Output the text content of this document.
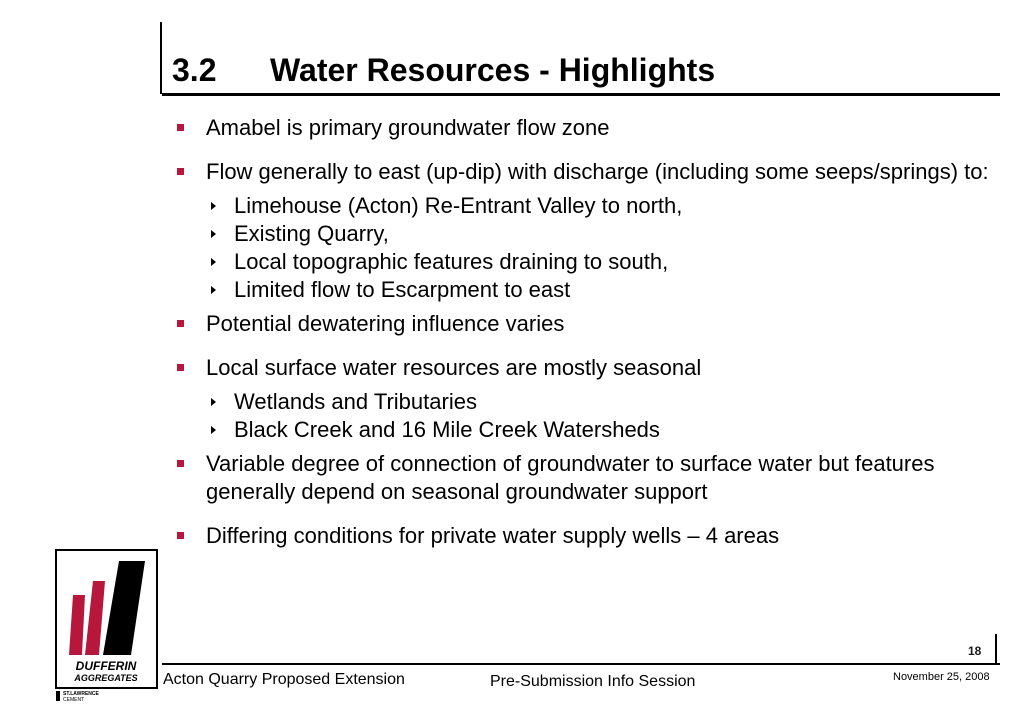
3.2 Water Resources - Highlights
Amabel is primary groundwater flow zone
Flow generally to east (up-dip) with discharge (including some seeps/springs) to:
Limehouse (Acton) Re-Entrant Valley to north,
Existing Quarry,
Local topographic features draining to south,
Limited flow to Escarpment to east
Potential dewatering influence varies
Local surface water resources are mostly seasonal
Wetlands and Tributaries
Black Creek and 16 Mile Creek Watersheds
Variable degree of connection of groundwater to surface water but features generally depend on seasonal groundwater support
Differing conditions for private water supply wells – 4 areas
DUFFERIN
AGGREGATES
ST.LAWRENCE
CEMENT
18
Acton Quarry Proposed Extension	Pre-Submission Info Session	November 25, 2008
